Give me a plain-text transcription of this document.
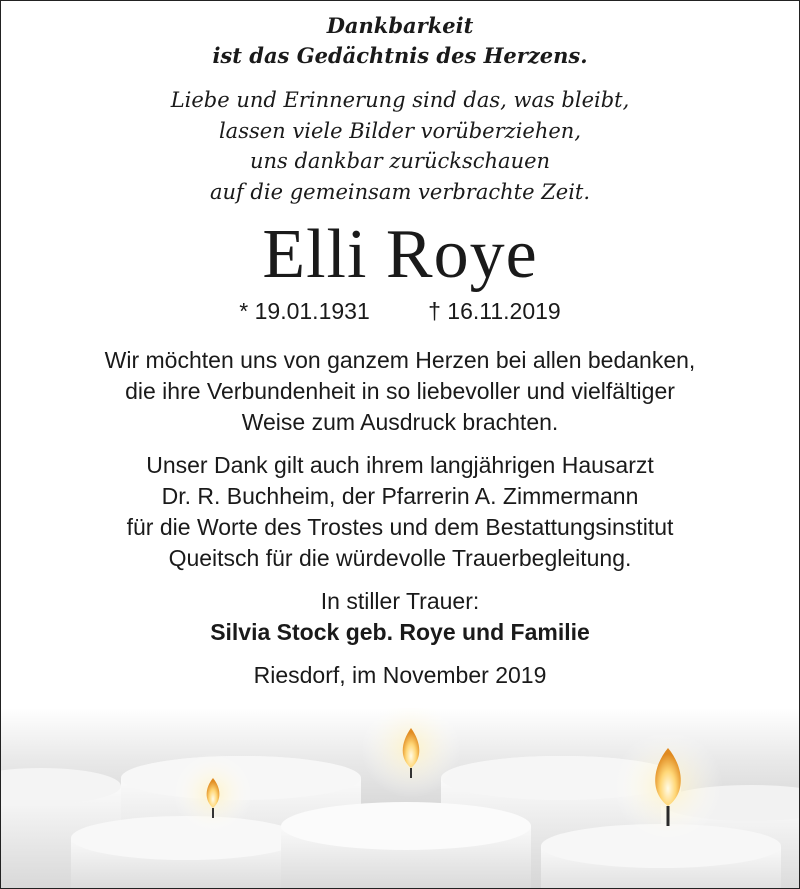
Dankbarkeit
ist das Gedächtnis des Herzens.
Liebe und Erinnerung sind das, was bleibt,
lassen viele Bilder vorüberziehen,
uns dankbar zurückschauen
auf die gemeinsam verbrachte Zeit.
Elli Roye
* 19.01.1931	† 16.11.2019
Wir möchten uns von ganzem Herzen bei allen bedanken,
die ihre Verbundenheit in so liebevoller und vielfältiger
Weise zum Ausdruck brachten.
Unser Dank gilt auch ihrem langjährigen Hausarzt
Dr. R. Buchheim, der Pfarrerin A. Zimmermann
für die Worte des Trostes und dem Bestattungsinstitut
Queitsch für die würdevolle Trauerbegleitung.
In stiller Trauer:
Silvia Stock geb. Roye und Familie
Riesdorf, im November 2019
